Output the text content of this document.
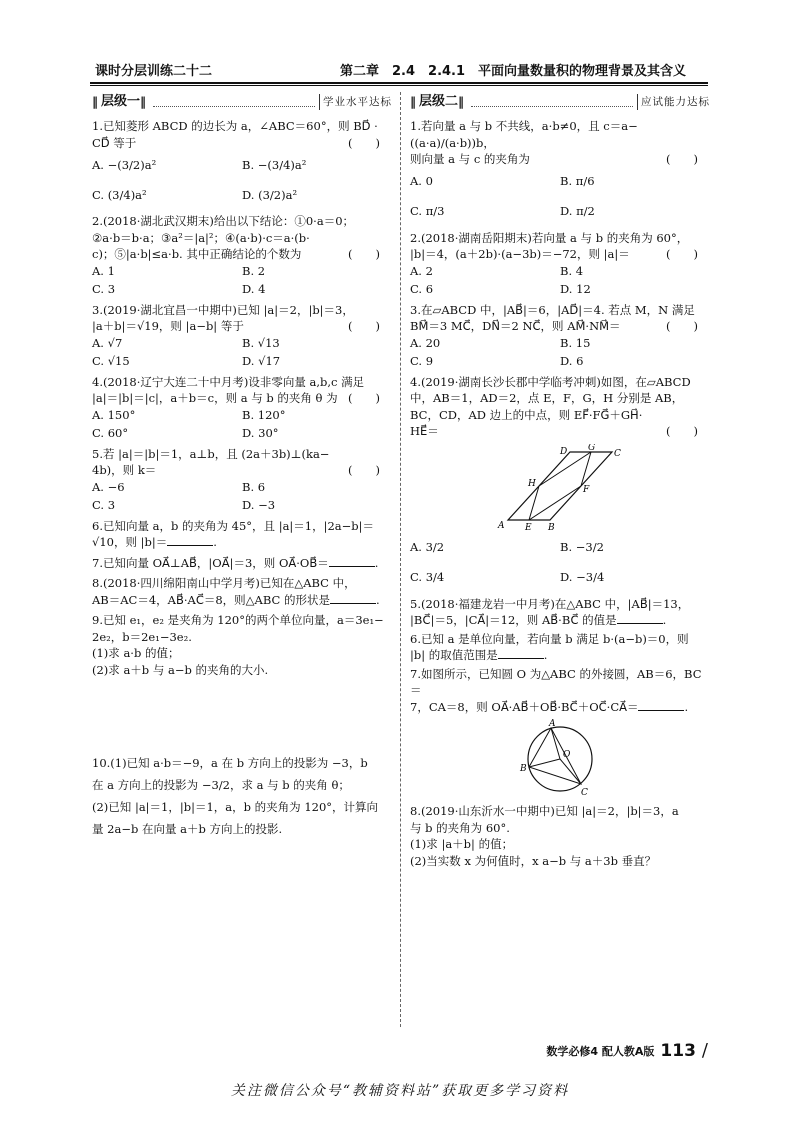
课时分层训练二十二	第二章　2.4　2.4.1　平面向量数量积的物理背景及其含义
‖ 层级一 ‖	学业水平达标

1.已知菱形 ABCD 的边长为 a，∠ABC＝60°，则 BD⃗ · CD⃗ 等于	(　　)

A. −(3/2)a²	B. −(3/4)a²
C. (3/4)a²	D. (3/2)a²

2.(2018·湖北武汉期末)给出以下结论：①0·a＝0；

②a·b＝b·a；③a²＝|a|²；④(a·b)·c＝a·(b·

c)；⑤|a·b|≤a·b. 其中正确结论的个数为	(　　)

A. 1	B. 2
C. 3	D. 4

3.(2019·湖北宜昌一中期中)已知 |a|＝2，|b|＝3，

|a＋b|＝√19，则 |a−b| 等于	(　　)

A. √7	B. √13
C. √15	D. √17

4.(2018·辽宁大连二十中月考)设非零向量 a,b,c 满足

|a|＝|b|＝|c|，a＋b＝c，则 a 与 b 的夹角 θ 为 (　　)

A. 150°	B. 120°
C. 60°	D. 30°

5.若 |a|＝|b|＝1，a⊥b，且 (2a＋3b)⊥(ka−

4b)，则 k＝	(　　)

A. −6	B. 6
C. 3	D. −3

6.已知向量 a，b 的夹角为 45°，且 |a|＝1，|2a−b|＝

√10，则 |b|＝	.

7.已知向量 OA⃗⊥AB⃗，|OA⃗|＝3，则 OA⃗·OB⃗＝	.

8.(2018·四川绵阳南山中学月考)已知在△ABC 中，

AB＝AC＝4，AB⃗·AC⃗＝8，则△ABC 的形状是	.

9.已知 e₁，e₂ 是夹角为 120°的两个单位向量，a＝3e₁−

2e₂，b＝2e₁−3e₂.

(1)求 a·b 的值；

(2)求 a＋b 与 a−b 的夹角的大小.

10.(1)已知 a·b＝−9，a 在 b 方向上的投影为 −3，b

在 a 方向上的投影为 −3/2，求 a 与 b 的夹角 θ；

(2)已知 |a|＝1，|b|＝1，a，b 的夹角为 120°，计算向

量 2a−b 在向量 a＋b 方向上的投影.

‖ 层级二 ‖	应试能力达标

1.若向量 a 与 b 不共线，a·b≠0，且 c＝a−((a·a)/(a·b))b，

则向量 a 与 c 的夹角为	(　　)

A. 0	B. π/6
C. π/3	D. π/2

2.(2018·湖南岳阳期末)若向量 a 与 b 的夹角为 60°，

|b|＝4，(a＋2b)·(a−3b)＝−72，则 |a|＝	(　　)

A. 2	B. 4
C. 6	D. 12

3.在▱ABCD 中，|AB⃗|＝6，|AD⃗|＝4. 若点 M，N 满足

BM⃗＝3 MC⃗，DN⃗＝2 NC⃗，则 AM⃗·NM⃗＝	(　　)

A. 20	B. 15
C. 9	D. 6

4.(2019·湖南长沙长郡中学临考冲刺)如图，在▱ABCD

中，AB＝1，AD＝2，点 E，F，G，H 分别是 AB，

BC，CD，AD 边上的中点，则 EF⃗·FG⃗＋GH⃗·

HE⃗＝	(　　)

A E B
F
C
G
D
H
A. 3/2	B. −3/2
C. 3/4	D. −3/4

5.(2018·福建龙岩一中月考)在△ABC 中，|AB⃗|＝13，

|BC⃗|＝5，|CA⃗|＝12，则 AB⃗·BC⃗ 的值是	.

6.已知 a 是单位向量，若向量 b 满足 b·(a−b)＝0，则

|b| 的取值范围是	.

7.如图所示，已知圆 O 为△ABC 的外接圆，AB＝6，BC＝

7，CA＝8，则 OA⃗·AB⃗＋OB⃗·BC⃗＋OC⃗·CA⃗＝	.

A
B
C
O

8.(2019·山东沂水一中期中)已知 |a|＝2，|b|＝3，a

与 b 的夹角为 60°.

(1)求 |a＋b| 的值；

(2)当实数 x 为何值时，x a−b 与 a＋3b 垂直？

数学必修4 配人教A版 113 /
关注微信公众号“教辅资料站”获取更多学习资料
